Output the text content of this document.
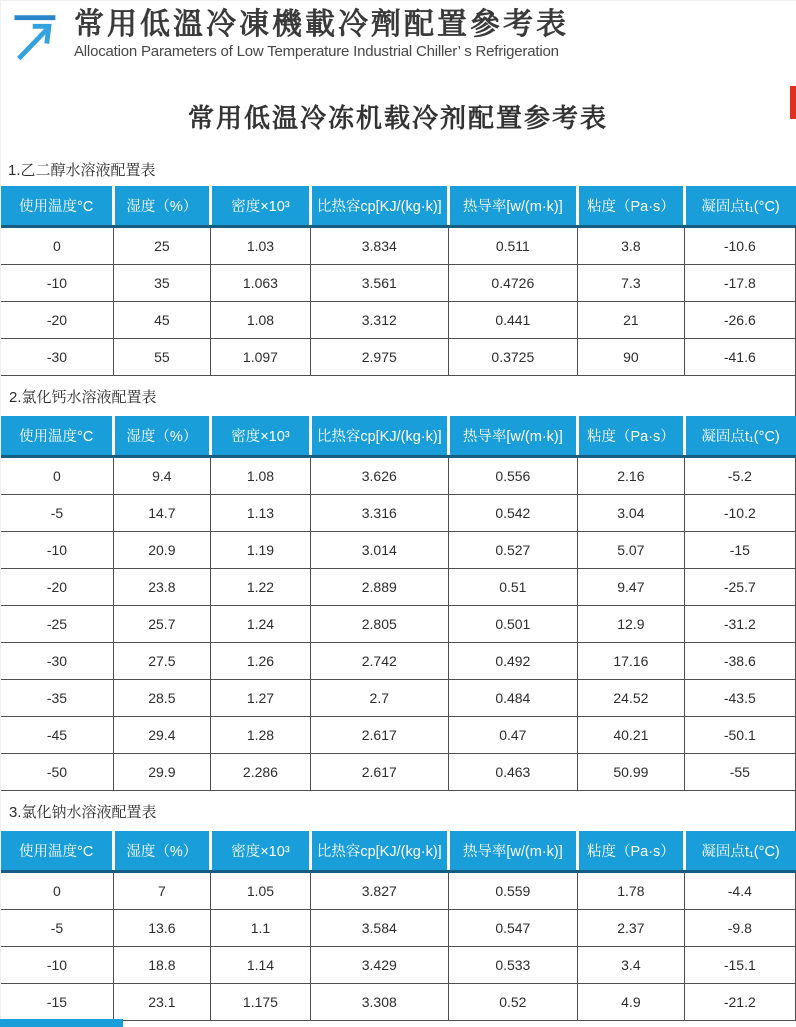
常用低溫冷凍機載冷劑配置參考表
Allocation Parameters of Low Temperature Industrial Chiller’ s Refrigeration
常用低温冷冻机载冷剂配置参考表
1.乙二醇水溶液配置表
使用温度°C	湿度（%）	密度×10³	比热容cp[KJ/(kg·k)]	热导率[w/(m·k)]	粘度（Pa·s）	凝固点t₁(°C)
0	25	1.03	3.834	0.511	3.8	-10.6
-10	35	1.063	3.561	0.4726	7.3	-17.8
-20	45	1.08	3.312	0.441	21	-26.6
-30	55	1.097	2.975	0.3725	90	-41.6
2.氯化钙水溶液配置表
使用温度°C	湿度（%）	密度×10³	比热容cp[KJ/(kg·k)]	热导率[w/(m·k)]	粘度（Pa·s）	凝固点t₁(°C)
0	9.4	1.08	3.626	0.556	2.16	-5.2
-5	14.7	1.13	3.316	0.542	3.04	-10.2
-10	20.9	1.19	3.014	0.527	5.07	-15
-20	23.8	1.22	2.889	0.51	9.47	-25.7
-25	25.7	1.24	2.805	0.501	12.9	-31.2
-30	27.5	1.26	2.742	0.492	17.16	-38.6
-35	28.5	1.27	2.7	0.484	24.52	-43.5
-45	29.4	1.28	2.617	0.47	40.21	-50.1
-50	29.9	2.286	2.617	0.463	50.99	-55
3.氯化钠水溶液配置表
使用温度°C	湿度（%）	密度×10³	比热容cp[KJ/(kg·k)]	热导率[w/(m·k)]	粘度（Pa·s）	凝固点t₁(°C)
0	7	1.05	3.827	0.559	1.78	-4.4
-5	13.6	1.1	3.584	0.547	2.37	-9.8
-10	18.8	1.14	3.429	0.533	3.4	-15.1
-15	23.1	1.175	3.308	0.52	4.9	-21.2
